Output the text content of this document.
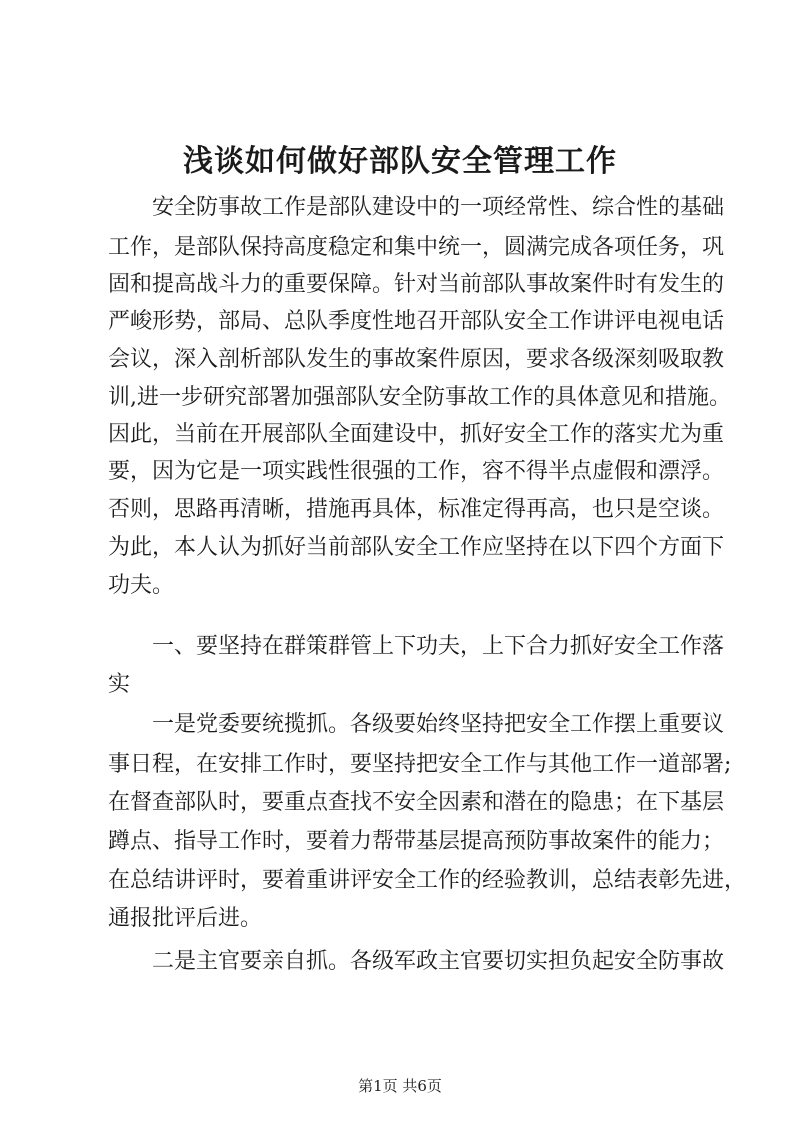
浅谈如何做好部队安全管理工作
　　安全防事故工作是部队建设中的一项经常性、综合性的基础
工作，是部队保持高度稳定和集中统一，圆满完成各项任务，巩
固和提高战斗力的重要保障。针对当前部队事故案件时有发生的
严峻形势，部局、总队季度性地召开部队安全工作讲评电视电话
会议，深入剖析部队发生的事故案件原因，要求各级深刻吸取教
训,进一步研究部署加强部队安全防事故工作的具体意见和措施。
因此，当前在开展部队全面建设中，抓好安全工作的落实尤为重
要，因为它是一项实践性很强的工作，容不得半点虚假和漂浮。
否则，思路再清晰，措施再具体，标准定得再高，也只是空谈。
为此，本人认为抓好当前部队安全工作应坚持在以下四个方面下
功夫。
　　一、要坚持在群策群管上下功夫，上下合力抓好安全工作落
实
　　一是党委要统揽抓。各级要始终坚持把安全工作摆上重要议
事日程，在安排工作时，要坚持把安全工作与其他工作一道部署;
在督查部队时，要重点查找不安全因素和潜在的隐患；在下基层
蹲点、指导工作时，要着力帮带基层提高预防事故案件的能力；
在总结讲评时，要着重讲评安全工作的经验教训，总结表彰先进，
通报批评后进。
　　二是主官要亲自抓。各级军政主官要切实担负起安全防事故
第1页 共6页
